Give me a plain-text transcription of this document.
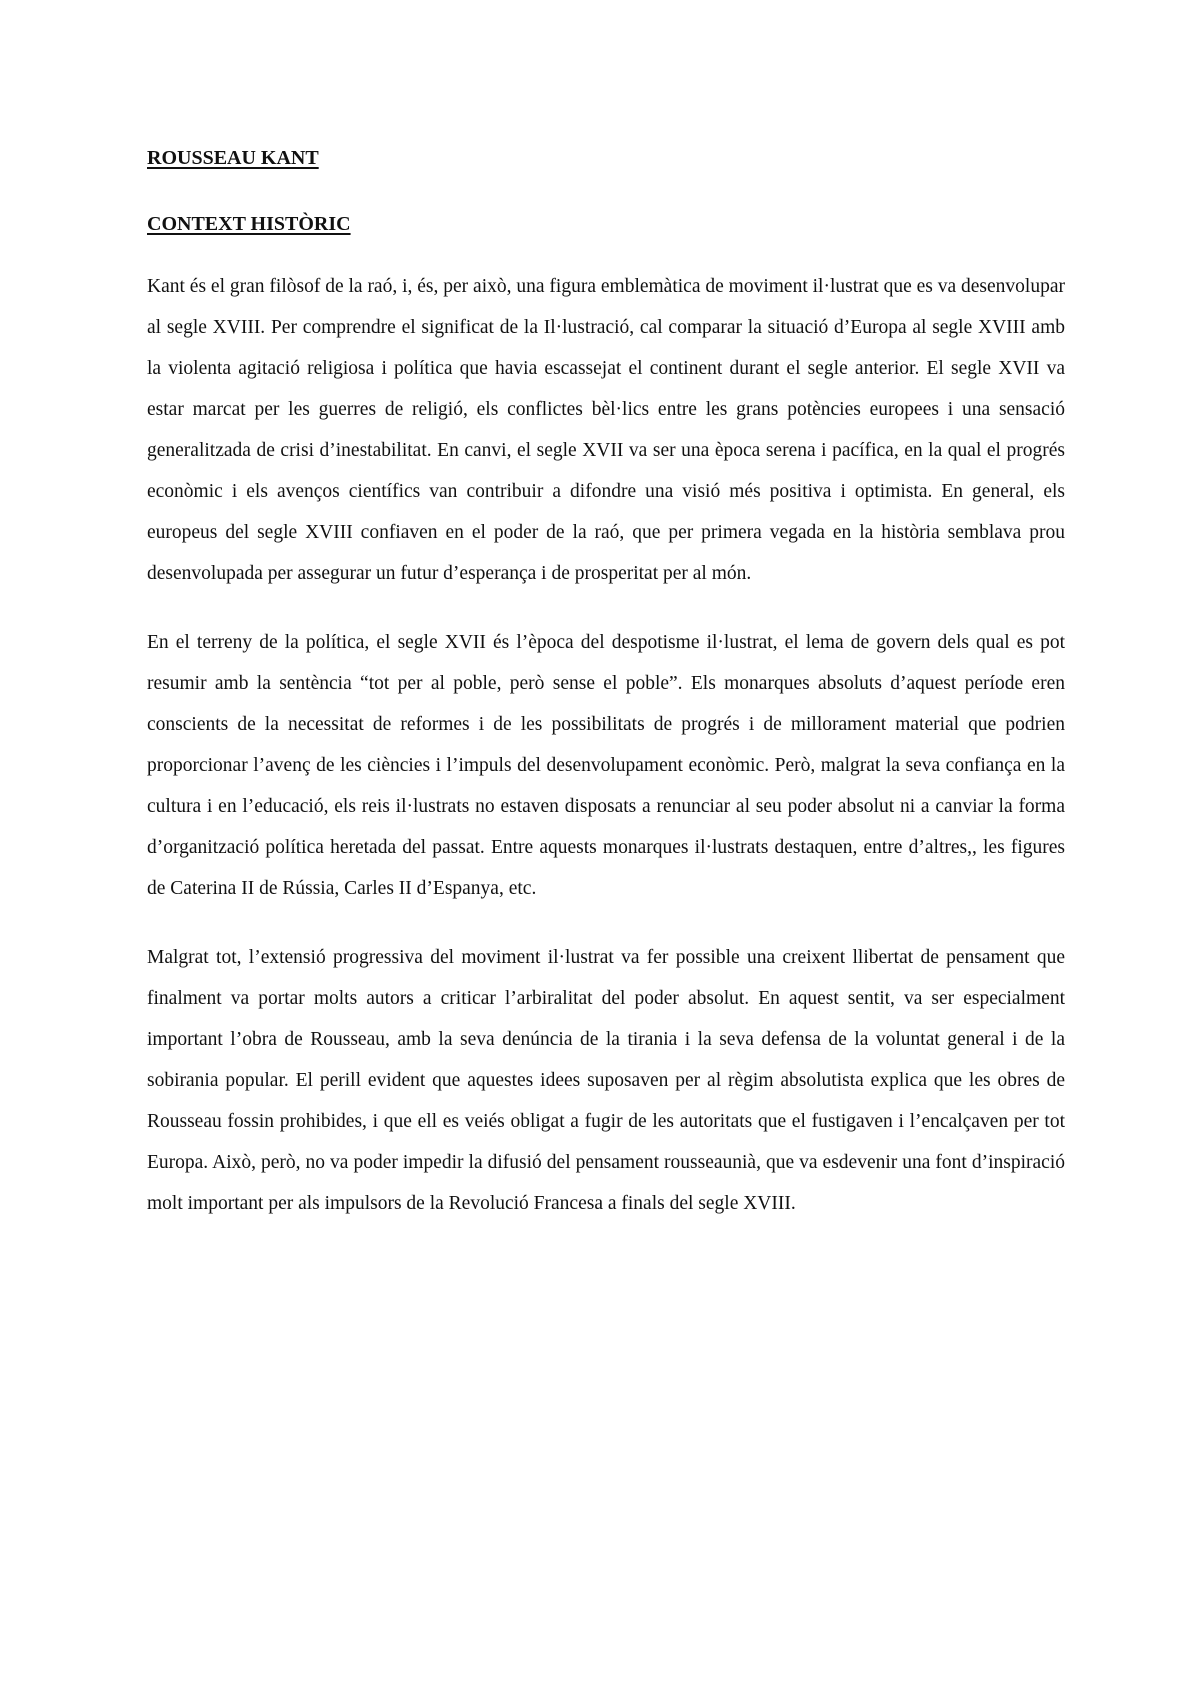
ROUSSEAU KANT
CONTEXT HISTÒRIC

Kant és el gran filòsof de la raó, i, és, per això, una figura emblemàtica de moviment il·lustrat que es va desenvolupar al segle XVIII. Per comprendre el significat de la Il·lustració, cal comparar la situació d’Europa al segle XVIII amb la violenta agitació religiosa i política que havia escassejat el continent durant el segle anterior. El segle XVII va estar marcat per les guerres de religió, els conflictes bèl·lics entre les grans potències europees i una sensació generalitzada de crisi d’inestabilitat. En canvi, el segle XVII va ser una època serena i pacífica, en la qual el progrés econòmic i els avenços científics van contribuir a difondre una visió més positiva i optimista. En general, els europeus del segle XVIII confiaven en el poder de la raó, que per primera vegada en la història semblava prou desenvolupada per assegurar un futur d’esperança i de prosperitat per al món.

En el terreny de la política, el segle XVII és l’època del despotisme il·lustrat, el lema de govern dels qual es pot resumir amb la sentència “tot per al poble, però sense el poble”. Els monarques absoluts d’aquest període eren conscients de la necessitat de reformes i de les possibilitats de progrés i de millorament material que podrien proporcionar l’avenç de les ciències i l’impuls del desenvolupament econòmic. Però, malgrat la seva confiança en la cultura i en l’educació, els reis il·lustrats no estaven disposats a renunciar al seu poder absolut ni a canviar la forma d’organització política heretada del passat. Entre aquests monarques il·lustrats destaquen, entre d’altres,, les figures de Caterina II de Rússia, Carles II d’Espanya, etc.

Malgrat tot, l’extensió progressiva del moviment il·lustrat va fer possible una creixent llibertat de pensament que finalment va portar molts autors a criticar l’arbiralitat del poder absolut. En aquest sentit, va ser especialment important l’obra de Rousseau, amb la seva denúncia de la tirania i la seva defensa de la voluntat general i de la sobirania popular. El perill evident que aquestes idees suposaven per al règim absolutista explica que les obres de Rousseau fossin prohibides, i que ell es veiés obligat a fugir de les autoritats que el fustigaven i l’encalçaven per tot Europa. Això, però, no va poder impedir la difusió del pensament rousseaunià, que va esdevenir una font d’inspiració molt important per als impulsors de la Revolució Francesa a finals del segle XVIII.
